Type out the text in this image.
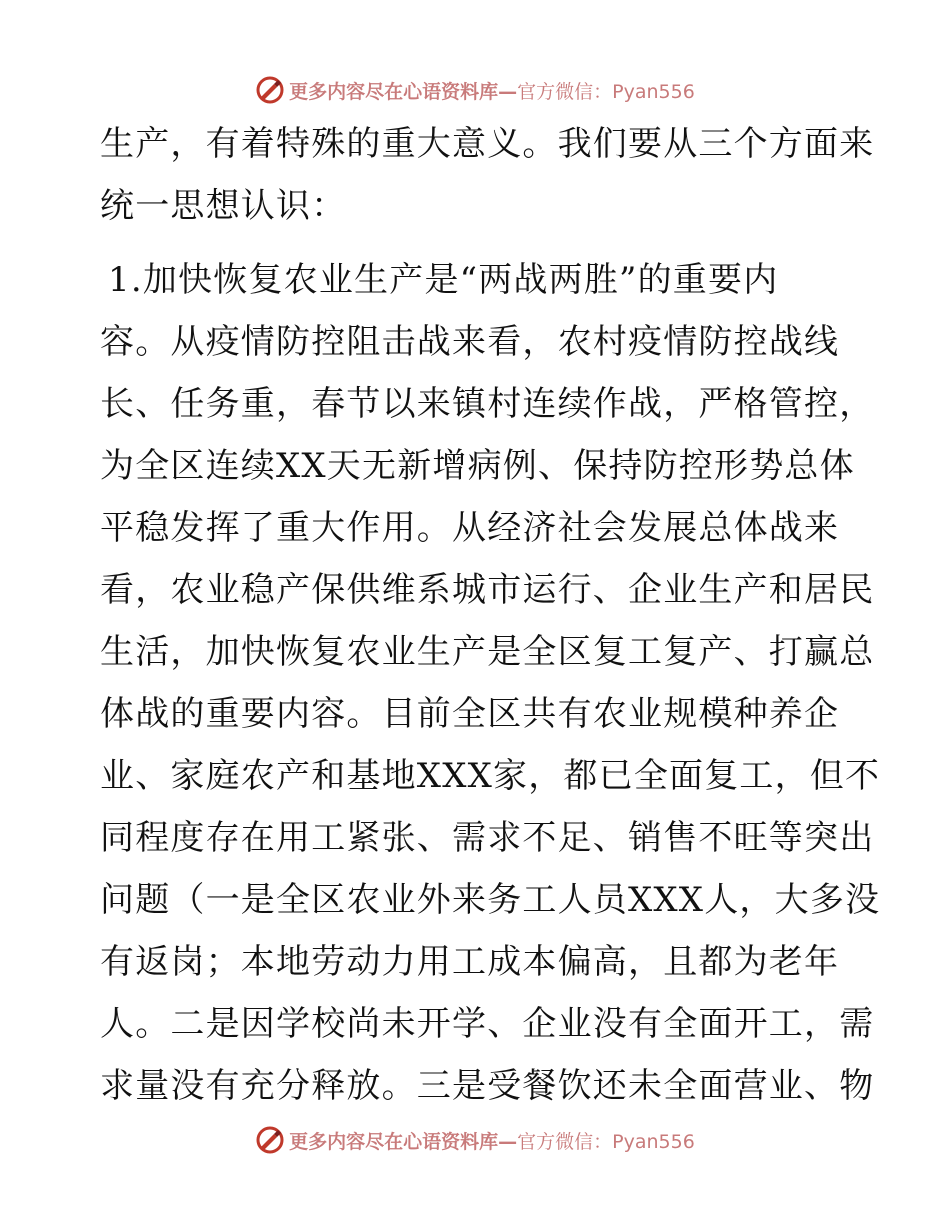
更多内容尽在心语资料库—官方微信：Pyan556
生产，有着特殊的重大意义。我们要从三个方面来
统一思想认识：
1.加快恢复农业生产是“两战两胜”的重要内
容。从疫情防控阻击战来看，农村疫情防控战线
长、任务重，春节以来镇村连续作战，严格管控，
为全区连续XX天无新增病例、保持防控形势总体
平稳发挥了重大作用。从经济社会发展总体战来
看，农业稳产保供维系城市运行、企业生产和居民
生活，加快恢复农业生产是全区复工复产、打赢总
体战的重要内容。目前全区共有农业规模种养企
业、家庭农产和基地XXX家，都已全面复工，但不
同程度存在用工紧张、需求不足、销售不旺等突出
问题（一是全区农业外来务工人员XXX人，大多没
有返岗；本地劳动力用工成本偏高，且都为老年
人。二是因学校尚未开学、企业没有全面开工，需
求量没有充分释放。三是受餐饮还未全面营业、物
更多内容尽在心语资料库—官方微信：Pyan556
